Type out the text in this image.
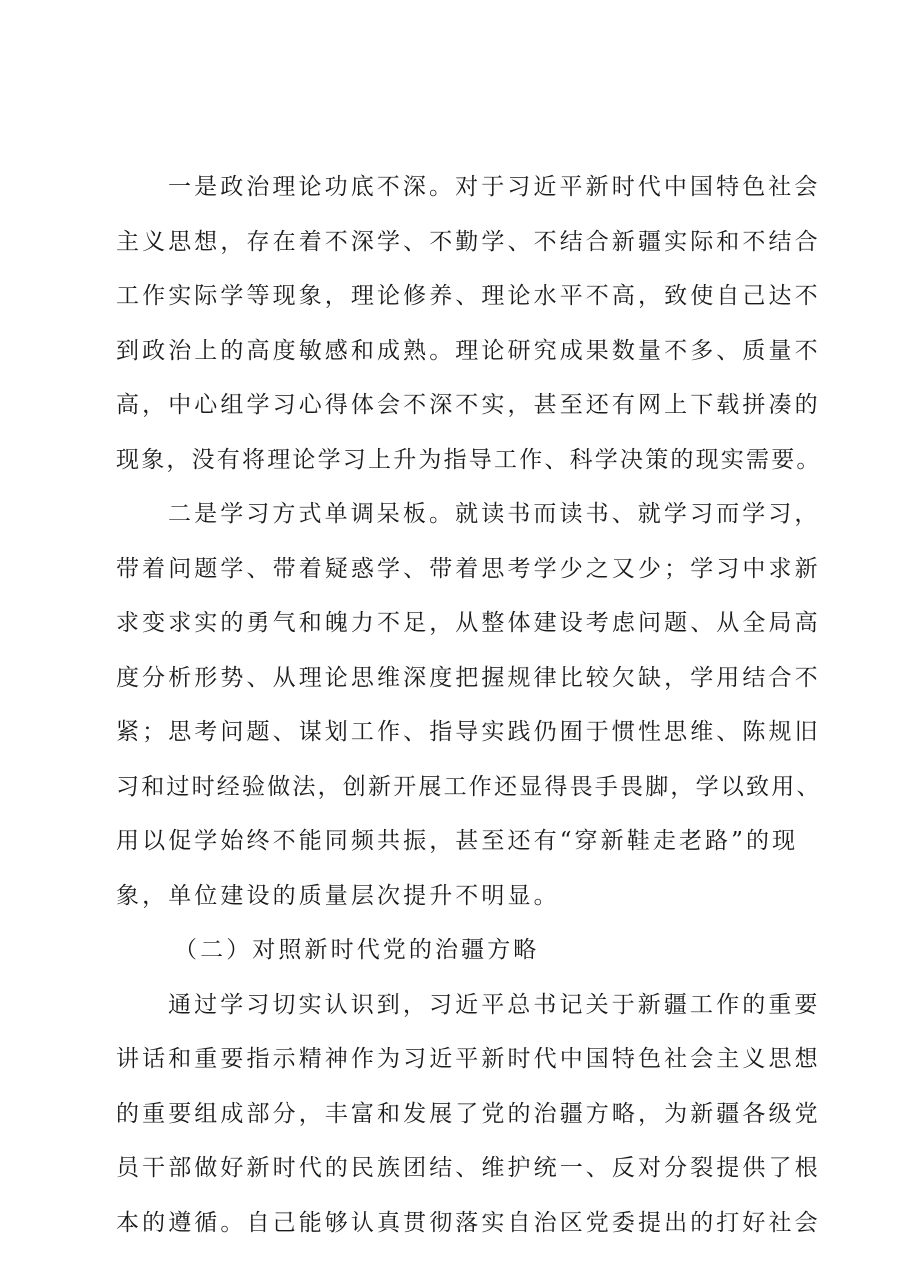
一是政治理论功底不深。对于习近平新时代中国特色社会
主义思想，存在着不深学、不勤学、不结合新疆实际和不结合
工作实际学等现象，理论修养、理论水平不高，致使自己达不
到政治上的高度敏感和成熟。理论研究成果数量不多、质量不
高，中心组学习心得体会不深不实，甚至还有网上下载拼凑的
现象，没有将理论学习上升为指导工作、科学决策的现实需要。
二是学习方式单调呆板。就读书而读书、就学习而学习，
带着问题学、带着疑惑学、带着思考学少之又少；学习中求新
求变求实的勇气和魄力不足，从整体建设考虑问题、从全局高
度分析形势、从理论思维深度把握规律比较欠缺，学用结合不
紧；思考问题、谋划工作、指导实践仍囿于惯性思维、陈规旧
习和过时经验做法，创新开展工作还显得畏手畏脚，学以致用、
用以促学始终不能同频共振，甚至还有“穿新鞋走老路”的现
象，单位建设的质量层次提升不明显。
（二）对照新时代党的治疆方略
通过学习切实认识到，习近平总书记关于新疆工作的重要
讲话和重要指示精神作为习近平新时代中国特色社会主义思想
的重要组成部分，丰富和发展了党的治疆方略，为新疆各级党
员干部做好新时代的民族团结、维护统一、反对分裂提供了根
本的遵循。自己能够认真贯彻落实自治区党委提出的打好社会
